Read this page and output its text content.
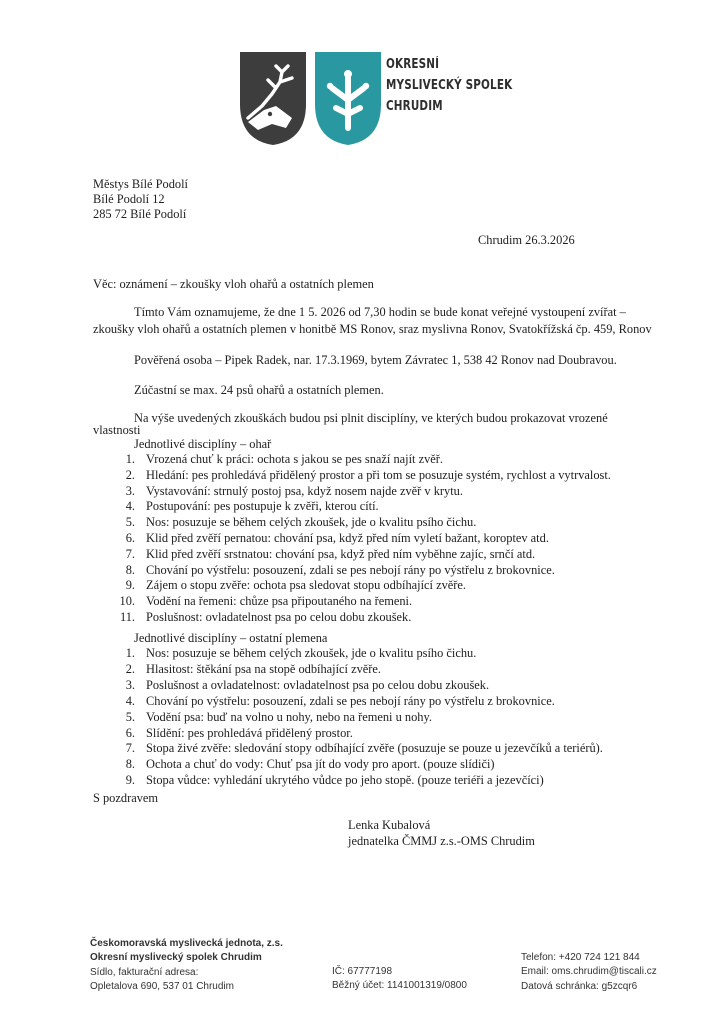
OKRESNÍ
MYSLIVECKÝ SPOLEK
CHRUDIM
Městys Bílé Podolí
Bílé Podolí 12
285 72 Bílé Podolí
Chrudim 26.3.2026
Věc: oznámení – zkoušky vloh ohařů a ostatních plemen
Tímto Vám oznamujeme, že dne 1 5. 2026 od 7,30 hodin se bude konat veřejné vystoupení zvířat –
zkoušky vloh ohařů a ostatních plemen v honitbě MS Ronov, sraz myslivna Ronov, Svatokřížská čp. 459, Ronov
Pověřená osoba – Pipek Radek, nar. 17.3.1969, bytem Závratec 1, 538 42 Ronov nad Doubravou.
Zúčastní se max. 24 psů ohařů a ostatních plemen.
Na výše uvedených zkouškách budou psi plnit disciplíny, ve kterých budou prokazovat vrozené
vlastnosti
Jednotlivé disciplíny – ohař
1. Vrozená chuť k práci: ochota s jakou se pes snaží najít zvěř.
2. Hledání: pes prohledává přidělený prostor a při tom se posuzuje systém, rychlost a vytrvalost.
3. Vystavování: strnulý postoj psa, když nosem najde zvěř v krytu.
4. Postupování: pes postupuje k zvěři, kterou cítí.
5. Nos: posuzuje se během celých zkoušek, jde o kvalitu psího čichu.
6. Klid před zvěří pernatou: chování psa, když před ním vyletí bažant, koroptev atd.
7. Klid před zvěří srstnatou: chování psa, když před ním vyběhne zajíc, srnčí atd.
8. Chování po výstřelu: posouzení, zdali se pes nebojí rány po výstřelu z brokovnice.
9. Zájem o stopu zvěře: ochota psa sledovat stopu odbíhající zvěře.
10. Vodění na řemeni: chůze psa připoutaného na řemeni.
11. Poslušnost: ovladatelnost psa po celou dobu zkoušek.
Jednotlivé disciplíny – ostatní plemena
1. Nos: posuzuje se během celých zkoušek, jde o kvalitu psího čichu.
2. Hlasitost: štěkání psa na stopě odbíhající zvěře.
3. Poslušnost a ovladatelnost: ovladatelnost psa po celou dobu zkoušek.
4. Chování po výstřelu: posouzení, zdali se pes nebojí rány po výstřelu z brokovnice.
5. Vodění psa: buď na volno u nohy, nebo na řemeni u nohy.
6. Slídění: pes prohledává přidělený prostor.
7. Stopa živé zvěře: sledování stopy odbíhající zvěře (posuzuje se pouze u jezevčíků a teriérů).
8. Ochota a chuť do vody: Chuť psa jít do vody pro aport. (pouze slídiči)
9. Stopa vůdce: vyhledání ukrytého vůdce po jeho stopě. (pouze teriéři a jezevčíci)
S pozdravem
Lenka Kubalová
jednatelka ČMMJ z.s.-OMS Chrudim
Českomoravská myslivecká jednota, z.s.
Okresní myslivecký spolek Chrudim
Sídlo, fakturační adresa:
Opletalova 690, 537 01 Chrudim
IČ: 67777198
Běžný účet: 1141001319/0800
Telefon: +420 724 121 844
Email: oms.chrudim@tiscali.cz
Datová schránka: g5zcqr6
